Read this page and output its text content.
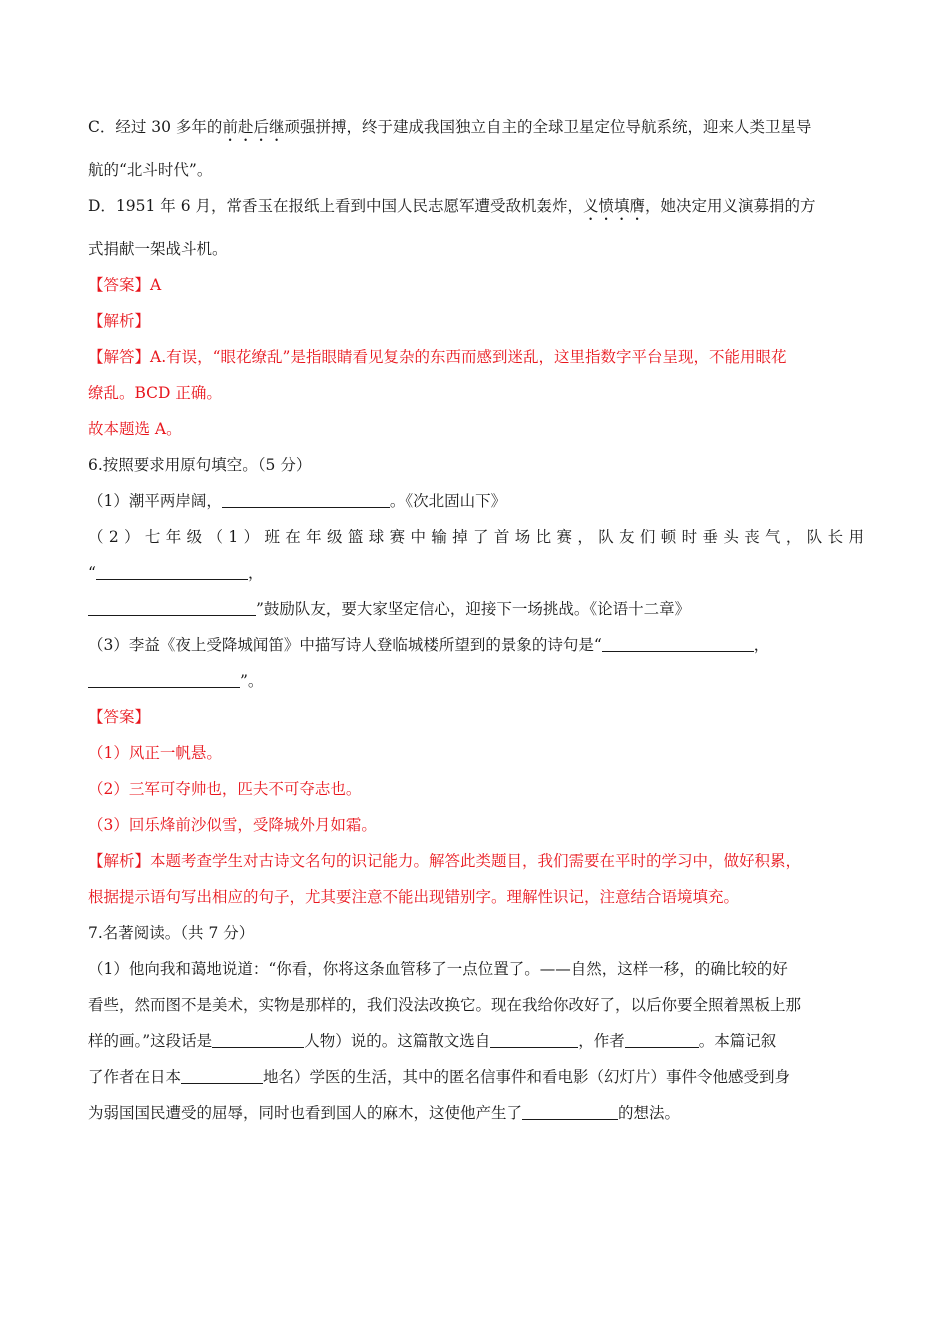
C．经过 30 多年的前赴后继顽强拼搏，终于建成我国独立自主的全球卫星定位导航系统，迎来人类卫星导

航的“北斗时代”。

D．1951 年 6 月，常香玉在报纸上看到中国人民志愿军遭受敌机轰炸，义愤填膺，她决定用义演募捐的方

式捐献一架战斗机。

【答案】A

【解析】

【解答】A.有误，“眼花缭乱”是指眼睛看见复杂的东西而感到迷乱，这里指数字平台呈现，不能用眼花

缭乱。BCD 正确。

故本题选 A。

6.按照要求用原句填空。（5 分）

（1）潮平两岸阔，	。《次北固山下》

（2）七年级（1）班在年级篮球赛中输掉了首场比赛，队友们顿时垂头丧气，队长用

“	，

”鼓励队友，要大家坚定信心，迎接下一场挑战。《论语十二章》

（3）李益《夜上受降城闻笛》中描写诗人登临城楼所望到的景象的诗句是“	，

”。

【答案】

（1）风正一帆悬。

（2）三军可夺帅也，匹夫不可夺志也。

（3）回乐烽前沙似雪，受降城外月如霜。

【解析】本题考查学生对古诗文名句的识记能力。解答此类题目，我们需要在平时的学习中，做好积累，

根据提示语句写出相应的句子，尤其要注意不能出现错别字。理解性识记，注意结合语境填充。

7.名著阅读。（共 7 分）

（1）他向我和蔼地说道：“你看，你将这条血管移了一点位置了。——自然，这样一移，的确比较的好

看些，然而图不是美术，实物是那样的，我们没法改换它。现在我给你改好了，以后你要全照着黑板上那

样的画。”这段话是	人物）说的。这篇散文选自	，作者	。本篇记叙

了作者在日本	地名）学医的生活，其中的匿名信事件和看电影（幻灯片）事件令他感受到身

为弱国国民遭受的屈辱，同时也看到国人的麻木，这使他产生了	的想法。
